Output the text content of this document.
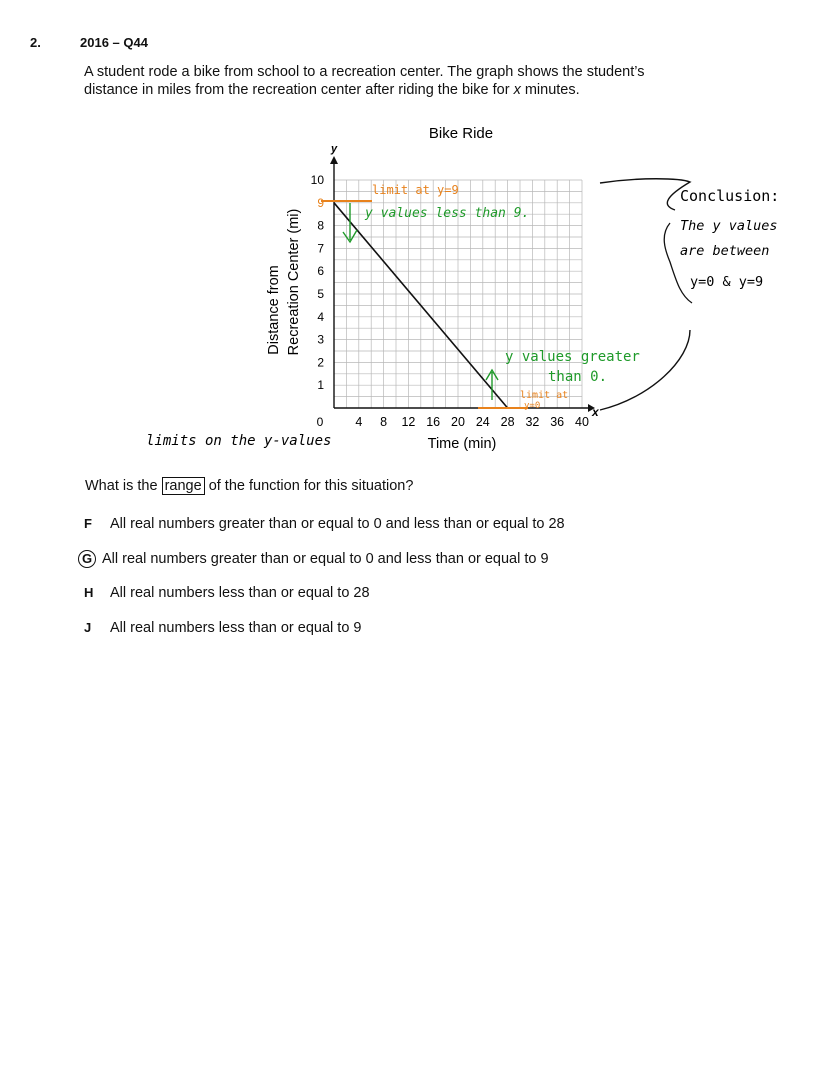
2.	2016 – Q44
A student rode a bike from school to a recreation center. The graph shows the student’s
distance in miles from the recreation center after riding the bike for x minutes.
Bike Ride
4 8 12 16 20 24 28 32 36 40
1
2
3
4
5
6
7
8
9
10
y
x
0
Time (min)
Distance from Recreation Center (mi)
limit at y=9
y values less than 9.
y values greater
than 0.
limit at
y=0
Conclusion:
The y values
are between
y=0 & y=9
limits on the y-values
What is the range of the function for this situation?
F All real numbers greater than or equal to 0 and less than or equal to 28
G All real numbers greater than or equal to 0 and less than or equal to 9
H All real numbers less than or equal to 28
J All real numbers less than or equal to 9
